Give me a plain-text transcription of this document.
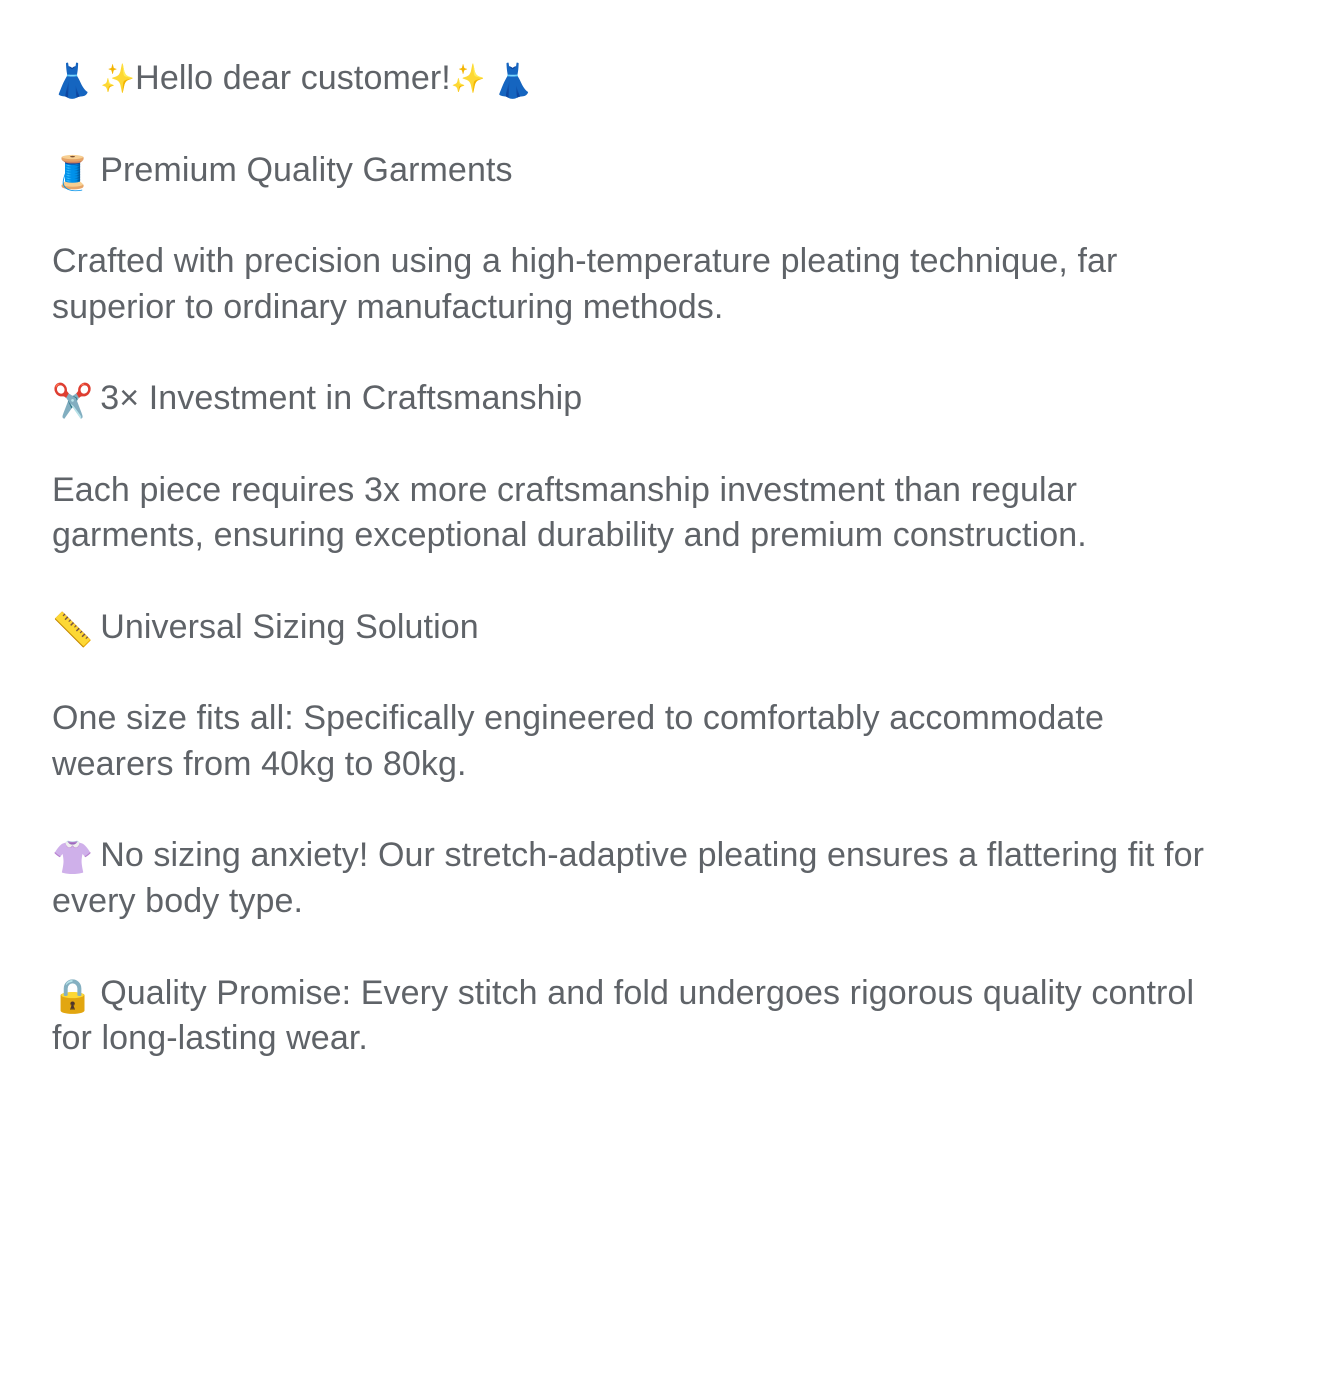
👗 ✨Hello dear customer!✨ 👗

🧵 Premium Quality Garments

Crafted with precision using a high-temperature pleating technique, far superior to ordinary manufacturing methods.

✂️ 3× Investment in Craftsmanship

Each piece requires 3x more craftsmanship investment than regular garments, ensuring exceptional durability and premium construction.

📏 Universal Sizing Solution

One size fits all: Specifically engineered to comfortably accommodate wearers from 40kg to 80kg.

👚 No sizing anxiety! Our stretch-adaptive pleating ensures a flattering fit for every body type.

🔒 Quality Promise: Every stitch and fold undergoes rigorous quality control for long-lasting wear.
